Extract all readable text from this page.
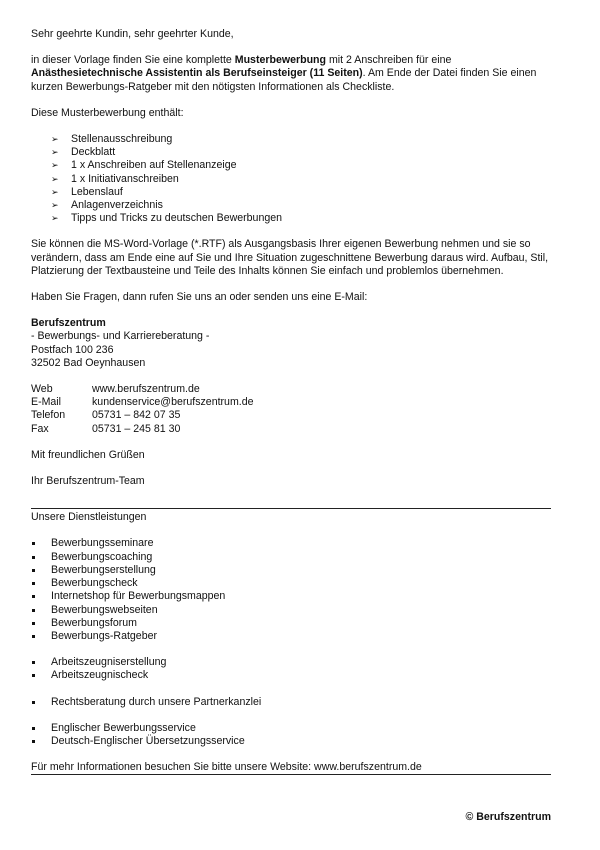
Sehr geehrte Kundin, sehr geehrter Kunde,

in dieser Vorlage finden Sie eine komplette Musterbewerbung mit 2 Anschreiben für eine Anästhesietechnische Assistentin als Berufseinsteiger (11 Seiten). Am Ende der Datei finden Sie einen kurzen Bewerbungs-Ratgeber mit den nötigsten Informationen als Checkliste.

Diese Musterbewerbung enthält:

➢ Stellenausschreibung
➢ Deckblatt
➢ 1 x Anschreiben auf Stellenanzeige
➢ 1 x Initiativanschreiben
➢ Lebenslauf
➢ Anlagenverzeichnis
➢ Tipps und Tricks zu deutschen Bewerbungen

Sie können die MS-Word-Vorlage (*.RTF) als Ausgangsbasis Ihrer eigenen Bewerbung nehmen und sie so verändern, dass am Ende eine auf Sie und Ihre Situation zugeschnittene Bewerbung daraus wird. Aufbau, Stil, Platzierung der Textbausteine und Teile des Inhalts können Sie einfach und problemlos übernehmen.

Haben Sie Fragen, dann rufen Sie uns an oder senden uns eine E-Mail:

Berufszentrum

- Bewerbungs- und Karriereberatung -

Postfach 100 236

32502 Bad Oeynhausen

Web	www.berufszentrum.de
E-Mail	kundenservice@berufszentrum.de
Telefon	05731 – 842 07 35
Fax	05731 – 245 81 30

Mit freundlichen Grüßen

Ihr Berufszentrum-Team

Unsere Dienstleistungen

Bewerbungsseminare
Bewerbungscoaching
Bewerbungserstellung
Bewerbungscheck
Internetshop für Bewerbungsmappen
Bewerbungswebseiten
Bewerbungsforum
Bewerbungs-Ratgeber
Arbeitszeugniserstellung
Arbeitszeugnischeck
Rechtsberatung durch unsere Partnerkanzlei
Englischer Bewerbungsservice
Deutsch-Englischer Übersetzungsservice

Für mehr Informationen besuchen Sie bitte unsere Website: www.berufszentrum.de

© Berufszentrum
